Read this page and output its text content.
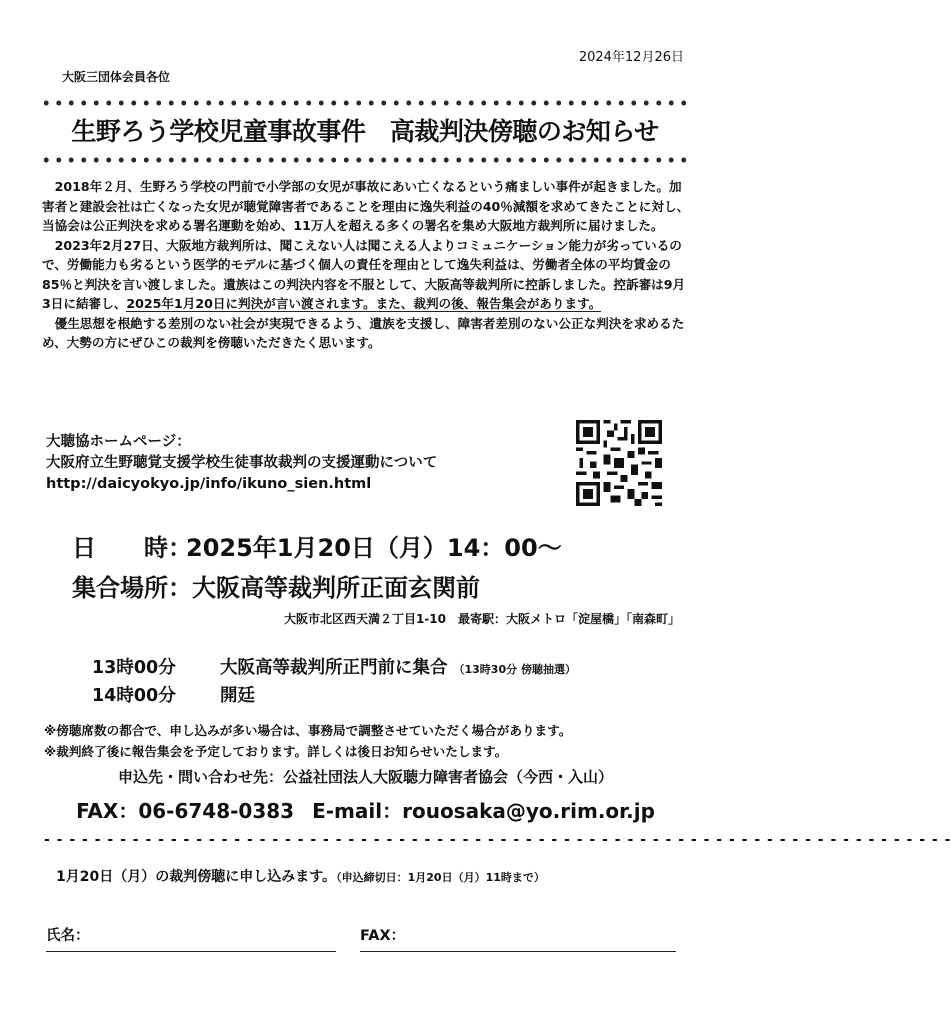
2024年12月26日
大阪三団体会員各位
生野ろう学校児童事故事件　高裁判決傍聴のお知らせ

2018年２月、生野ろう学校の門前で小学部の女児が事故にあい亡くなるという痛ましい事件が起きました。加害者と建設会社は亡くなった女児が聴覚障害者であることを理由に逸失利益の40％減額を求めてきたことに対し、当協会は公正判決を求める署名運動を始め、11万人を超える多くの署名を集め大阪地方裁判所に届けました。

2023年2月27日、大阪地方裁判所は、聞こえない人は聞こえる人よりコミュニケーション能力が劣っているので、労働能力も劣るという医学的モデルに基づく個人の責任を理由として逸失利益は、労働者全体の平均賃金の85％と判決を言い渡しました。遺族はこの判決内容を不服として、大阪高等裁判所に控訴しました。控訴審は9月3日に結審し、2025年1月20日に判決が言い渡されます。また、裁判の後、報告集会があります。

優生思想を根絶する差別のない社会が実現できるよう、遺族を支援し、障害者差別のない公正な判決を求めるため、大勢の方にぜひこの裁判を傍聴いただきたく思います。

大聴協ホームページ：
大阪府立生野聴覚支援学校生徒事故裁判の支援運動について
http://daicyokyo.jp/info/ikuno_sien.html
日　　時：2025年1月20日（月）14：00～
集合場所：大阪高等裁判所正面玄関前
大阪市北区西天満２丁目1-10　最寄駅：大阪メトロ「淀屋橋」「南森町」
13時00分	大阪高等裁判所正門前に集合 （13時30分 傍聴抽選）
14時00分	開廷
※傍聴席数の都合で、申し込みが多い場合は、事務局で調整させていただく場合があります。
※裁判終了後に報告集会を予定しております。詳しくは後日お知らせいたします。
申込先・問い合わせ先：公益社団法人大阪聴力障害者協会（今西・入山）
FAX：06-6748-0383 E-mail：rouosaka@yo.rim.or.jp
- - - - - - - - - - - - - - - - - - - - - - - - - - - - - - - - - - - - - - - - - - - - - - - - - - - - - - - - - - - - - - - - - - - - - - - -
1月20日（月）の裁判傍聴に申し込みます。（申込締切日：1月20日（月）11時まで）
氏名：	FAX：
